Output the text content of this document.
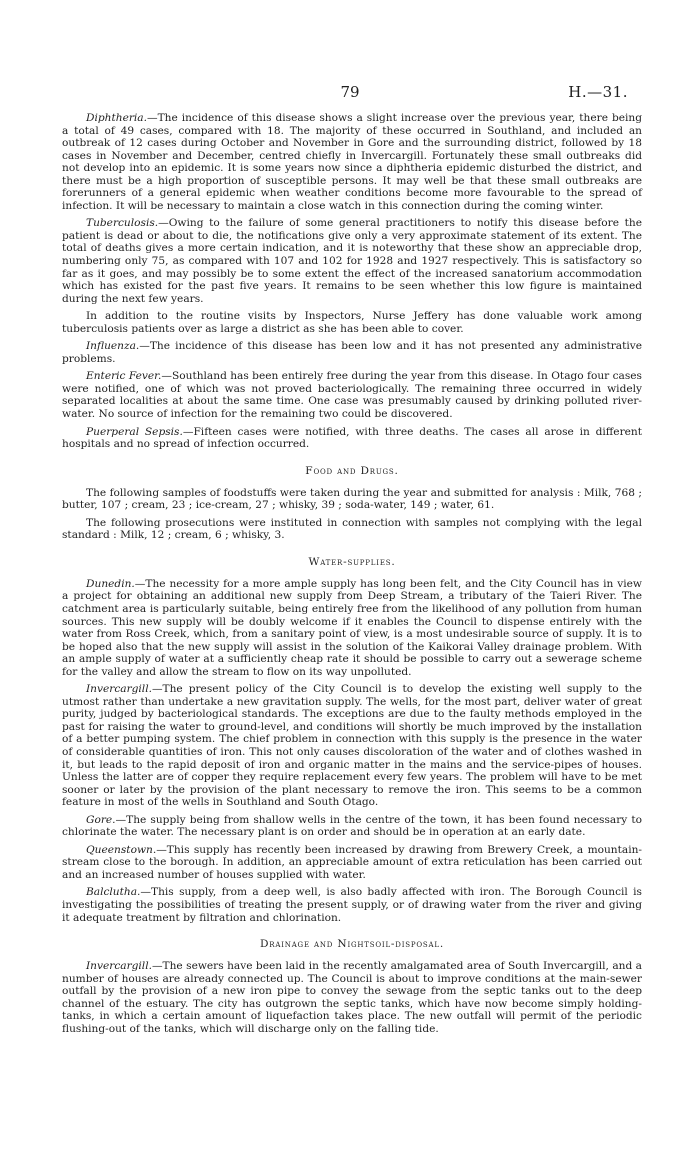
79	H.—31.

Diphtheria.—The incidence of this disease shows a slight increase over the previous year, there being a total of 49 cases, compared with 18. The majority of these occurred in Southland, and included an outbreak of 12 cases during October and November in Gore and the surrounding district, followed by 18 cases in November and December, centred chiefly in Invercargill. Fortunately these small outbreaks did not develop into an epidemic. It is some years now since a diphtheria epidemic disturbed the district, and there must be a high proportion of susceptible persons. It may well be that these small outbreaks are forerunners of a general epidemic when weather conditions become more favourable to the spread of infection. It will be necessary to maintain a close watch in this connection during the coming winter.

Tuberculosis.—Owing to the failure of some general practitioners to notify this disease before the patient is dead or about to die, the notifications give only a very approximate statement of its extent. The total of deaths gives a more certain indication, and it is noteworthy that these show an appreciable drop, numbering only 75, as compared with 107 and 102 for 1928 and 1927 respectively. This is satisfactory so far as it goes, and may possibly be to some extent the effect of the increased sanatorium accommodation which has existed for the past five years. It remains to be seen whether this low figure is maintained during the next few years.

In addition to the routine visits by Inspectors, Nurse Jeffery has done valuable work among tuberculosis patients over as large a district as she has been able to cover.

Influenza.—The incidence of this disease has been low and it has not presented any administrative problems.

Enteric Fever.—Southland has been entirely free during the year from this disease. In Otago four cases were notified, one of which was not proved bacteriologically. The remaining three occurred in widely separated localities at about the same time. One case was presumably caused by drinking polluted river-water. No source of infection for the remaining two could be discovered.

Puerperal Sepsis.—Fifteen cases were notified, with three deaths. The cases all arose in different hospitals and no spread of infection occurred.

Food and Drugs.

The following samples of foodstuffs were taken during the year and submitted for analysis : Milk, 768 ; butter, 107 ; cream, 23 ; ice-cream, 27 ; whisky, 39 ; soda-water, 149 ; water, 61.

The following prosecutions were instituted in connection with samples not complying with the legal standard : Milk, 12 ; cream, 6 ; whisky, 3.

Water-supplies.

Dunedin.—The necessity for a more ample supply has long been felt, and the City Council has in view a project for obtaining an additional new supply from Deep Stream, a tributary of the Taieri River. The catchment area is particularly suitable, being entirely free from the likelihood of any pollution from human sources. This new supply will be doubly welcome if it enables the Council to dispense entirely with the water from Ross Creek, which, from a sanitary point of view, is a most undesirable source of supply. It is to be hoped also that the new supply will assist in the solution of the Kaikorai Valley drainage problem. With an ample supply of water at a sufficiently cheap rate it should be possible to carry out a sewerage scheme for the valley and allow the stream to flow on its way unpolluted.

Invercargill.—The present policy of the City Council is to develop the existing well supply to the utmost rather than undertake a new gravitation supply. The wells, for the most part, deliver water of great purity, judged by bacteriological standards. The exceptions are due to the faulty methods employed in the past for raising the water to ground-level, and conditions will shortly be much improved by the installation of a better pumping system. The chief problem in connection with this supply is the presence in the water of considerable quantities of iron. This not only causes discoloration of the water and of clothes washed in it, but leads to the rapid deposit of iron and organic matter in the mains and the service-pipes of houses. Unless the latter are of copper they require replacement every few years. The problem will have to be met sooner or later by the provision of the plant necessary to remove the iron. This seems to be a common feature in most of the wells in Southland and South Otago.

Gore.—The supply being from shallow wells in the centre of the town, it has been found necessary to chlorinate the water. The necessary plant is on order and should be in operation at an early date.

Queenstown.—This supply has recently been increased by drawing from Brewery Creek, a mountain-stream close to the borough. In addition, an appreciable amount of extra reticulation has been carried out and an increased number of houses supplied with water.

Balclutha.—This supply, from a deep well, is also badly affected with iron. The Borough Council is investigating the possibilities of treating the present supply, or of drawing water from the river and giving it adequate treatment by filtration and chlorination.

Drainage and Nightsoil-disposal.

Invercargill.—The sewers have been laid in the recently amalgamated area of South Invercargill, and a number of houses are already connected up. The Council is about to improve conditions at the main-sewer outfall by the provision of a new iron pipe to convey the sewage from the septic tanks out to the deep channel of the estuary. The city has outgrown the septic tanks, which have now become simply holding-tanks, in which a certain amount of liquefaction takes place. The new outfall will permit of the periodic flushing-out of the tanks, which will discharge only on the falling tide.
